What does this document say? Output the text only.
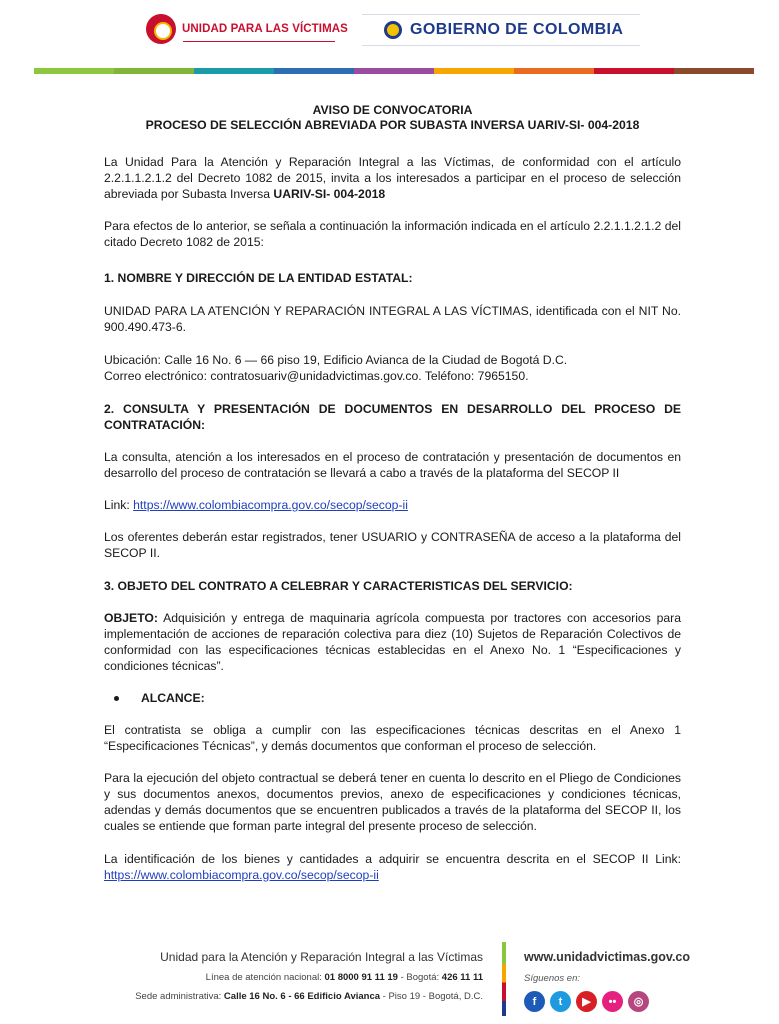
UNIDAD PARA LAS VÍCTIMAS	GOBIERNO DE COLOMBIA

AVISO DE CONVOCATORIA

PROCESO DE SELECCIÓN ABREVIADA POR SUBASTA INVERSA UARIV-SI- 004-2018

La Unidad Para la Atención y Reparación Integral a las Víctimas, de conformidad con el artículo 2.2.1.1.2.1.2 del Decreto 1082 de 2015, invita a los interesados a participar en el proceso de selección abreviada por Subasta Inversa UARIV-SI- 004-2018

Para efectos de lo anterior, se señala a continuación la información indicada en el artículo 2.2.1.1.2.1.2 del citado Decreto 1082 de 2015:

1. NOMBRE Y DIRECCIÓN DE LA ENTIDAD ESTATAL:

UNIDAD PARA LA ATENCIÓN Y REPARACIÓN INTEGRAL A LAS VÍCTIMAS, identificada con el NIT No. 900.490.473-6.

Ubicación: Calle 16 No. 6 — 66 piso 19, Edificio Avianca de la Ciudad de Bogotá D.C.

Correo electrónico: contratosuariv@unidadvictimas.gov.co. Teléfono: 7965150.

2. CONSULTA Y PRESENTACIÓN DE DOCUMENTOS EN DESARROLLO DEL PROCESO DE CONTRATACIÓN:

La consulta, atención a los interesados en el proceso de contratación y presentación de documentos en desarrollo del proceso de contratación se llevará a cabo a través de la plataforma del SECOP II

Link: https://www.colombiacompra.gov.co/secop/secop-ii

Los oferentes deberán estar registrados, tener USUARIO y CONTRASEÑA de acceso a la plataforma del SECOP II.

3. OBJETO DEL CONTRATO A CELEBRAR Y CARACTERISTICAS DEL SERVICIO:

OBJETO: Adquisición y entrega de maquinaria agrícola compuesta por tractores con accesorios para implementación de acciones de reparación colectiva para diez (10) Sujetos de Reparación Colectivos de conformidad con las especificaciones técnicas establecidas en el Anexo No. 1 “Especificaciones y condiciones técnicas”.

ALCANCE:

El contratista se obliga a cumplir con las especificaciones técnicas descritas en el Anexo 1 “Especificaciones Técnicas”, y demás documentos que conforman el proceso de selección.

Para la ejecución del objeto contractual se deberá tener en cuenta lo descrito en el Pliego de Condiciones y sus documentos anexos, documentos previos, anexo de especificaciones y condiciones técnicas, adendas y demás documentos que se encuentren publicados a través de la plataforma del SECOP II, los cuales se entiende que forman parte integral del presente proceso de selección.

La identificación de los bienes y cantidades a adquirir se encuentra descrita en el SECOP II Link: https://www.colombiacompra.gov.co/secop/secop-ii

Unidad para la Atención y Reparación Integral a las Víctimas
Línea de atención nacional: 01 8000 91 11 19 - Bogotá: 426 11 11
Sede administrativa: Calle 16 No. 6 - 66 Edificio Avianca - Piso 19 - Bogotá, D.C.
www.unidadvictimas.gov.co
Síguenos en:
f	t	▶	••	◎
